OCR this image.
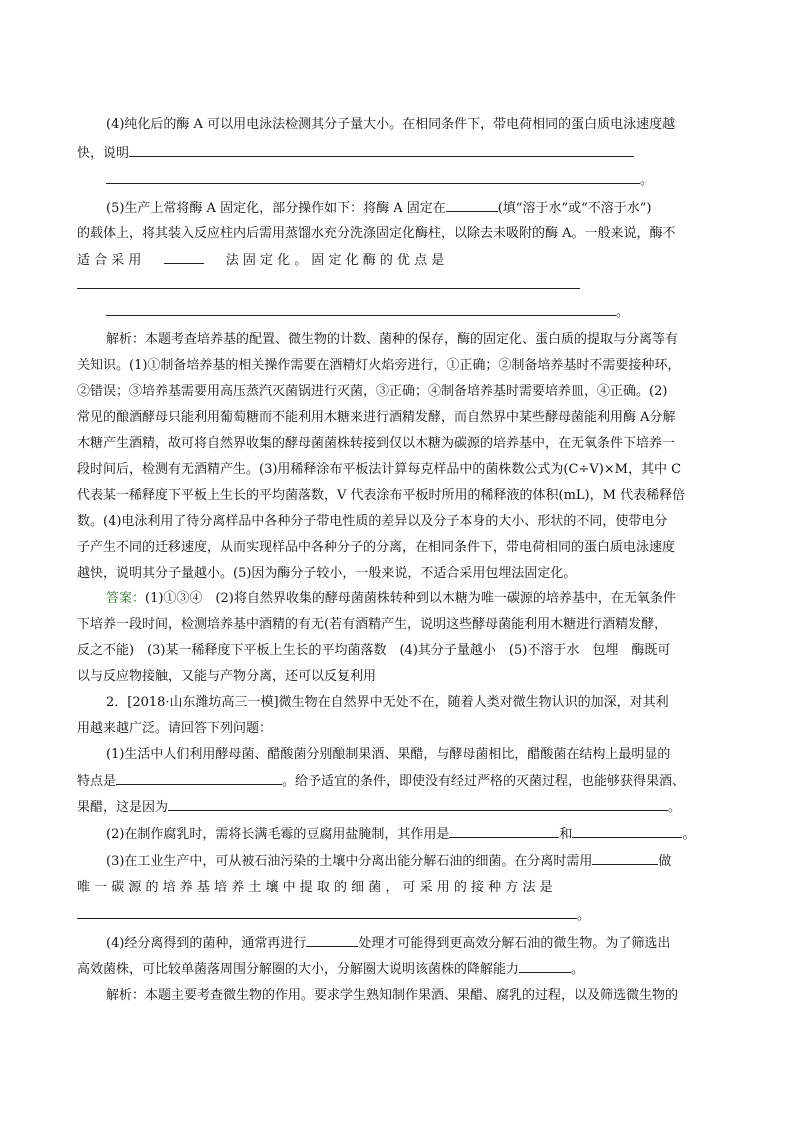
(4)纯化后的酶 A 可以用电泳法检测其分子量大小。在相同条件下，带电荷相同的蛋白质电泳速度越
快，说明
。
(5)生产上常将酶 A 固定化，部分操作如下：将酶 A 固定在	(填“溶于水”或“不溶于水”)
的载体上，将其装入反应柱内后需用蒸馏水充分洗涤固定化酶柱，以除去未吸附的酶 A。一般来说，酶不
适 合 采 用	法 固 定 化 。 固 定 化 酶 的 优 点 是
。
解析：本题考查培养基的配置、微生物的计数、菌种的保存，酶的固定化、蛋白质的提取与分离等有
关知识。(1)①制备培养基的相关操作需要在酒精灯火焰旁进行，①正确；②制备培养基时不需要接种环，
②错误；③培养基需要用高压蒸汽灭菌锅进行灭菌，③正确；④制备培养基时需要培养皿，④正确。(2)
常见的酿酒酵母只能利用葡萄糖而不能利用木糖来进行酒精发酵，而自然界中某些酵母菌能利用酶 A分解
木糖产生酒精，故可将自然界收集的酵母菌菌株转接到仅以木糖为碳源的培养基中，在无氧条件下培养一
段时间后，检测有无酒精产生。(3)用稀释涂布平板法计算每克样品中的菌株数公式为(C÷V)×M，其中 C
代表某一稀释度下平板上生长的平均菌落数，V 代表涂布平板时所用的稀释液的体积(mL)，M 代表稀释倍
数。(4)电泳利用了待分离样品中各种分子带电性质的差异以及分子本身的大小、形状的不同，使带电分
子产生不同的迁移速度，从而实现样品中各种分子的分离，在相同条件下，带电荷相同的蛋白质电泳速度
越快，说明其分子量越小。(5)因为酶分子较小，一般来说，不适合采用包埋法固定化。
答案：(1)①③④　(2)将自然界收集的酵母菌菌株转种到以木糖为唯一碳源的培养基中，在无氧条件
下培养一段时间，检测培养基中酒精的有无(若有酒精产生，说明这些酵母菌能利用木糖进行酒精发酵，
反之不能)　(3)某一稀释度下平板上生长的平均菌落数　(4)其分子量越小　(5)不溶于水　包埋　酶既可
以与反应物接触，又能与产物分离，还可以反复利用
2．[2018·山东潍坊高三一模]微生物在自然界中无处不在，随着人类对微生物认识的加深，对其利
用越来越广泛。请回答下列问题：
(1)生活中人们利用酵母菌、醋酸菌分别酿制果酒、果醋，与酵母菌相比，醋酸菌在结构上最明显的
特点是	。给予适宜的条件，即使没有经过严格的灭菌过程，也能够获得果酒、
果醋，这是因为	。
(2)在制作腐乳时，需将长满毛霉的豆腐用盐腌制，其作用是	和	。
(3)在工业生产中，可从被石油污染的土壤中分离出能分解石油的细菌。在分离时需用	做
唯 一 碳 源 的 培 养 基 培 养 土 壤 中 提 取 的 细 菌 ， 可 采 用 的 接 种 方 法 是
。
(4)经分离得到的菌种，通常再进行	处理才可能得到更高效分解石油的微生物。为了筛选出
高效菌株，可比较单菌落周围分解圈的大小，分解圈大说明该菌株的降解能力	。
解析：本题主要考查微生物的作用。要求学生熟知制作果酒、果醋、腐乳的过程，以及筛选微生物的
